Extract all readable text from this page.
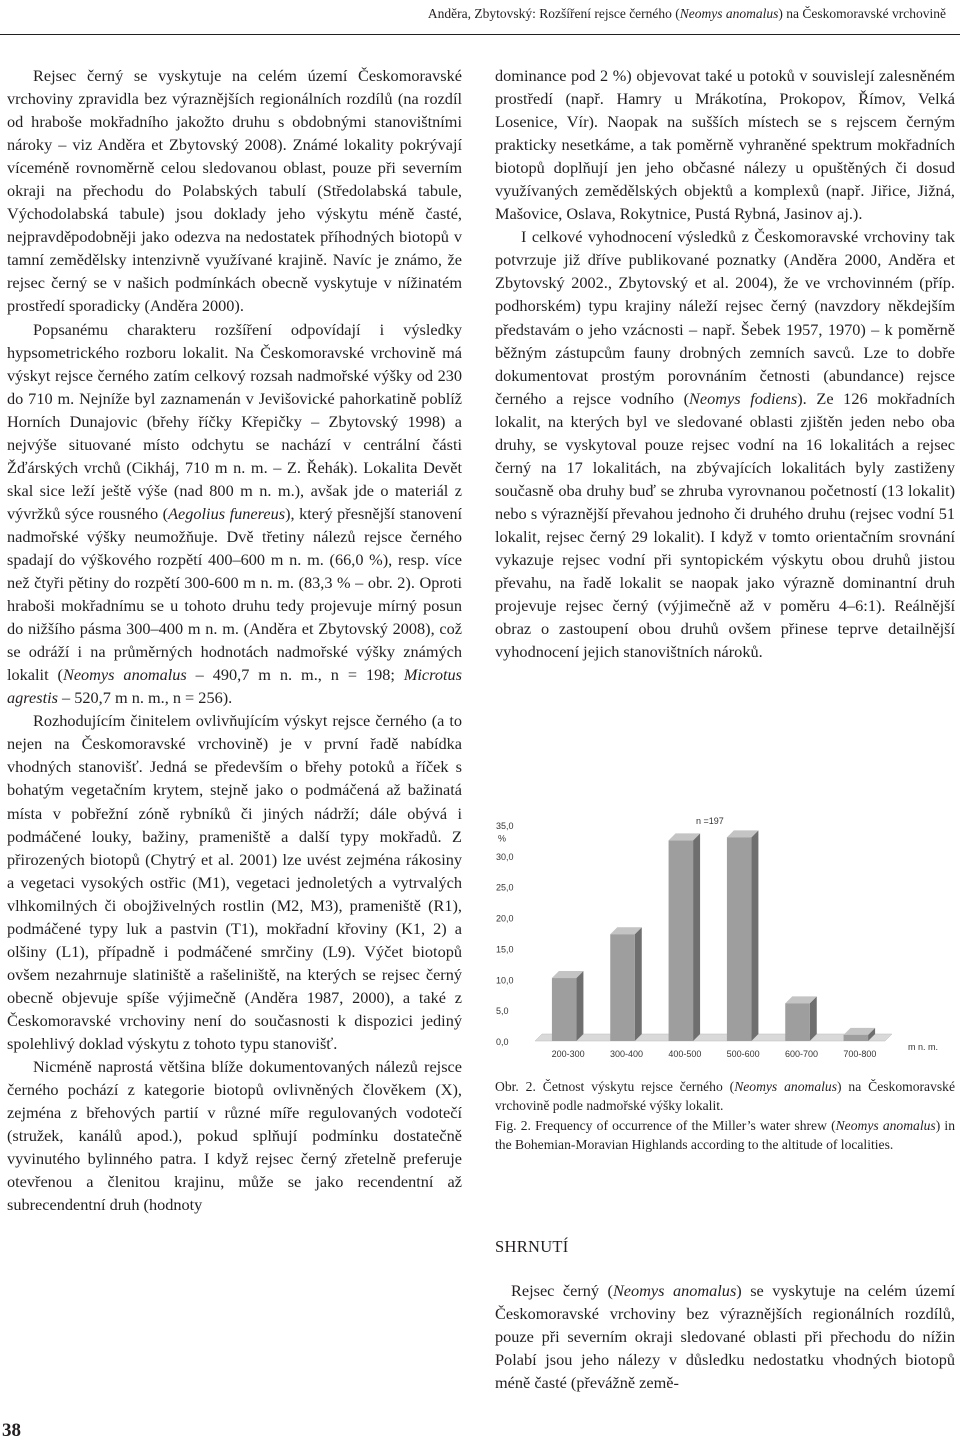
Anděra, Zbytovský: Rozšíření rejsce černého (Neomys anomalus) na Českomoravské vrchovině

Rejsec černý se vyskytuje na celém území Českomoravské vrchoviny zpravidla bez výraznějších regionálních rozdílů (na rozdíl od hraboše mokřadního jakožto druhu s obdobnými stanovištními nároky – viz Anděra et Zbytovský 2008). Známé lokality pokrývají víceméně rovnoměrně celou sledovanou oblast, pouze při severním okraji na přechodu do Polabských tabulí (Středolabská tabule, Východolabská tabule) jsou doklady jeho výskytu méně časté, nejpravděpodobněji jako odezva na nedostatek příhodných biotopů v tamní zemědělsky intenzivně využívané krajině. Navíc je známo, že rejsec černý se v našich podmínkách obecně vyskytuje v nížinatém prostředí sporadicky (Anděra 2000).

Popsanému charakteru rozšíření odpovídají i výsledky hypsometrického rozboru lokalit. Na Českomoravské vrchovině má výskyt rejsce černého zatím celkový rozsah nadmořské výšky od 230 do 710 m. Nejníže byl zaznamenán v Jevišovické pahorkatině poblíž Horních Dunajovic (břehy říčky Křepičky – Zbytovský 1998) a nejvýše situované místo odchytu se nachází v centrální části Žďárských vrchů (Cikháj, 710 m n. m. – Z. Řehák). Lokalita Devět skal sice leží ještě výše (nad 800 m n. m.), avšak jde o materiál z vývržků sýce rousného (Aegolius funereus), který přesnější stanovení nadmořské výšky neumožňuje. Dvě třetiny nálezů rejsce černého spadají do výškového rozpětí 400–600 m n. m. (66,0 %), resp. více než čtyři pětiny do rozpětí 300-600 m n. m. (83,3 % – obr. 2). Oproti hraboši mokřadnímu se u tohoto druhu tedy projevuje mírný posun do nižšího pásma 300–400 m n. m. (Anděra et Zbytovský 2008), což se odráží i na průměrných hodnotách nadmořské výšky známých lokalit (Neomys anomalus – 490,7 m n. m., n = 198; Microtus agrestis – 520,7 m n. m., n = 256).

Rozhodujícím činitelem ovlivňujícím výskyt rejsce černého (a to nejen na Českomoravské vrchovině) je v první řadě nabídka vhodných stanovišť. Jedná se především o břehy potoků a říček s bohatým vegetačním krytem, stejně jako o podmáčená až bažinatá místa v pobřežní zóně rybníků či jiných nádrží; dále obývá i podmáčené louky, bažiny, prameniště a další typy mokřadů. Z přirozených biotopů (Chytrý et al. 2001) lze uvést zejména rákosiny a vegetaci vysokých ostřic (M1), vegetaci jednoletých a vytrvalých vlhkomilných či obojživelných rostlin (M2, M3), prameniště (R1), podmáčené typy luk a pastvin (T1), mokřadní křoviny (K1, 2) a olšiny (L1), případně i podmáčené smrčiny (L9). Výčet biotopů ovšem nezahrnuje slatiniště a rašeliniště, na kterých se rejsec černý obecně objevuje spíše výjimečně (Anděra 1987, 2000), a také z Českomoravské vrchoviny není do současnosti k dispozici jediný spolehlivý doklad výskytu z tohoto typu stanovišť.

Nicméně naprostá většina blíže dokumentovaných nálezů rejsce černého pochází z kategorie biotopů ovlivněných člověkem (X), zejména z břehových partií v různé míře regulovaných vodotečí (stružek, kanálů apod.), pokud splňují podmínku dostatečně vyvinutého bylinného patra. I když rejsec černý zřetelně preferuje otevřenou a členitou krajinu, může se jako recendentní až subrecendentní druh (hodnoty

dominance pod 2 %) objevovat také u potoků v souvislejí zalesněném prostředí (např. Hamry u Mrákotína, Prokopov, Římov, Velká Losenice, Vír). Naopak na sušších místech se s rejscem černým prakticky nesetkáme, a tak poměrně vyhraněné spektrum mokřadních biotopů doplňují jen jeho občasné nálezy u opuštěných či dosud využívaných zemědělských objektů a komplexů (např. Jiřice, Jižná, Mašovice, Oslava, Rokytnice, Pustá Rybná, Jasinov aj.).

I celkové vyhodnocení výsledků z Českomoravské vrchoviny tak potvrzuje již dříve publikované poznatky (Anděra 2000, Anděra et Zbytovský 2002., Zbytovský et al. 2004), že ve vrchovinném (příp. podhorském) typu krajiny náleží rejsec černý (navzdory někdejším představám o jeho vzácnosti – např. Šebek 1957, 1970) – k poměrně běžným zástupcům fauny drobných zemních savců. Lze to dobře dokumentovat prostým porovnáním četnosti (abundance) rejsce černého a rejsce vodního (Neomys fodiens). Ze 126 mokřadních lokalit, na kterých byl ve sledované oblasti zjištěn jeden nebo oba druhy, se vyskytoval pouze rejsec vodní na 16 lokalitách a rejsec černý na 17 lokalitách, na zbývajících lokalitách byly zastiženy současně oba druhy buď se zhruba vyrovnanou početností (13 lokalit) nebo s výraznější převahou jednoho či druhého druhu (rejsec vodní 51 lokalit, rejsec černý 29 lokalit). I když v tomto orientačním srovnání vykazuje rejsec vodní při syntopickém výskytu obou druhů jistou převahu, na řadě lokalit se naopak jako výrazně dominantní druh projevuje rejsec černý (výjimečně až v poměru 4–6:1). Reálnější obraz o zastoupení obou druhů ovšem přinese teprve detailnější vyhodnocení jejich stanovištních nároků.

0,0
5,0
10,0
15,0
20,0
25,0
30,0
35,0
%
200-300	300-400	400-500	500-600	600-700	700-800
m n. m.
n =197

Obr. 2. Četnost výskytu rejsce černého (Neomys anomalus) na Českomoravské vrchovině podle nadmořské výšky lokalit.

Fig. 2. Frequency of occurrence of the Miller’s water shrew (Neomys anomalus) in the Bohemian-Moravian Highlands according to the altitude of localities.

SHRNUTÍ

Rejsec černý (Neomys anomalus) se vyskytuje na celém území Českomoravské vrchoviny bez výraznějších regionálních rozdílů, pouze při severním okraji sledované oblasti při přechodu do nížin Polabí jsou jeho nálezy v důsledku nedostatku vhodných biotopů méně časté (převážně země-

38
